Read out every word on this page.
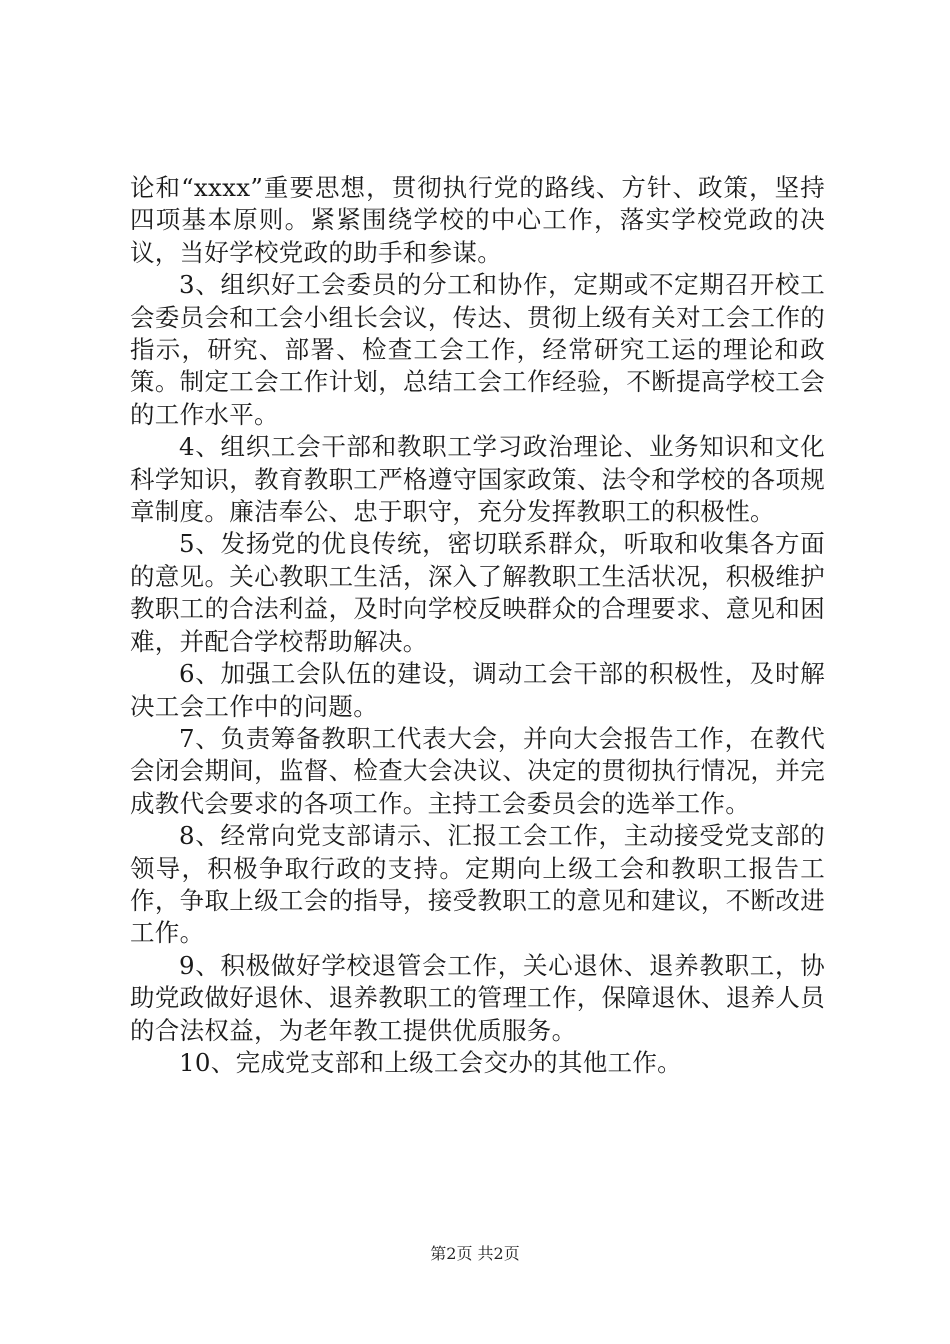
论和“xxxx”重要思想，贯彻执行党的路线、方针、政策，坚持四项基本原则。紧紧围绕学校的中心工作，落实学校党政的决议，当好学校党政的助手和参谋。

3、组织好工会委员的分工和协作，定期或不定期召开校工会委员会和工会小组长会议，传达、贯彻上级有关对工会工作的指示，研究、部署、检查工会工作，经常研究工运的理论和政策。制定工会工作计划，总结工会工作经验，不断提高学校工会的工作水平。

4、组织工会干部和教职工学习政治理论、业务知识和文化科学知识，教育教职工严格遵守国家政策、法令和学校的各项规章制度。廉洁奉公、忠于职守，充分发挥教职工的积极性。

5、发扬党的优良传统，密切联系群众，听取和收集各方面的意见。关心教职工生活，深入了解教职工生活状况，积极维护教职工的合法利益，及时向学校反映群众的合理要求、意见和困难，并配合学校帮助解决。

6、加强工会队伍的建设，调动工会干部的积极性，及时解决工会工作中的问题。

7、负责筹备教职工代表大会，并向大会报告工作，在教代会闭会期间，监督、检查大会决议、决定的贯彻执行情况，并完成教代会要求的各项工作。主持工会委员会的选举工作。

8、经常向党支部请示、汇报工会工作，主动接受党支部的领导，积极争取行政的支持。定期向上级工会和教职工报告工作，争取上级工会的指导，接受教职工的意见和建议，不断改进工作。

9、积极做好学校退管会工作，关心退休、退养教职工，协助党政做好退休、退养教职工的管理工作，保障退休、退养人员的合法权益，为老年教工提供优质服务。

10、完成党支部和上级工会交办的其他工作。

第2页 共2页
